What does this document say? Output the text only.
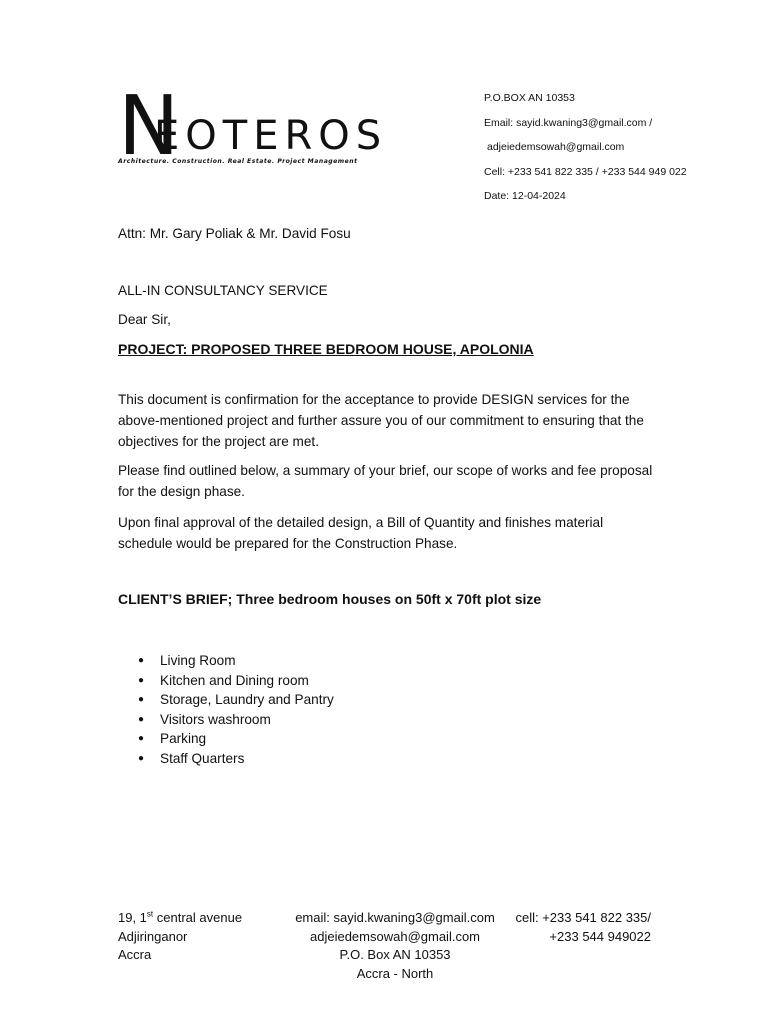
N
EOTEROS
Architecture. Construction. Real Estate. Project Management
P.O.BOX AN 10353
Email: sayid.kwaning3@gmail.com /
adjeiedemsowah@gmail.com
Cell: +233 541 822 335 / +233 544 949 022
Date: 12-04-2024
Attn: Mr. Gary Poliak & Mr. David Fosu
ALL-IN CONSULTANCY SERVICE
Dear Sir,
PROJECT: PROPOSED THREE BEDROOM HOUSE, APOLONIA

This document is confirmation for the acceptance to provide DESIGN services for the above-mentioned project and further assure you of our commitment to ensuring that the objectives for the project are met.

Please find outlined below, a summary of your brief, our scope of works and fee proposal for the design phase.

Upon final approval of the detailed design, a Bill of Quantity and finishes material schedule would be prepared for the Construction Phase.

CLIENT’S BRIEF; Three bedroom houses on 50ft x 70ft plot size
● Living Room
● Kitchen and Dining room
● Storage, Laundry and Pantry
● Visitors washroom
● Parking
● Staff Quarters
19, 1st central avenue
Adjiringanor
Accra
email: sayid.kwaning3@gmail.com
adjeiedemsowah@gmail.com
P.O. Box AN 10353
Accra - North
cell: +233 541 822 335/
+233 544 949022
